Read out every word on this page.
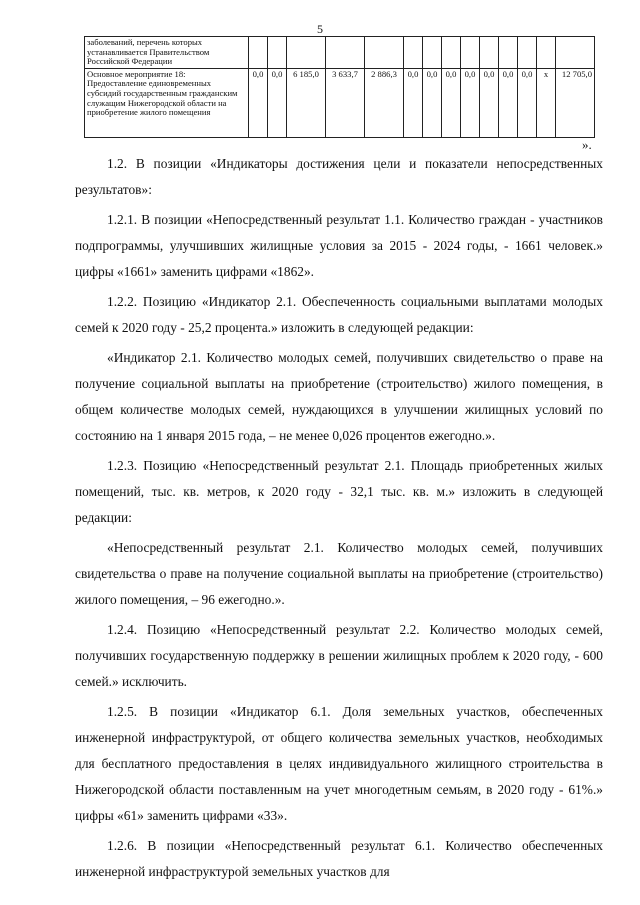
5
заболеваний, перечень которых устанавливается Правительством Российской Федерации														
Основное мероприятие 18: Предоставление единовременных субсидий государственным гражданским служащим Нижегородской области на приобретение жилого помещения	0,0	0,0	6 185,0	3 633,7	2 886,3	0,0	0,0	0,0	0,0	0,0	0,0	0,0	х	12 705,0
».

1.2. В позиции «Индикаторы достижения цели и показатели непосредственных результатов»:

1.2.1. В позиции «Непосредственный результат 1.1. Количество граждан - участников подпрограммы, улучшивших жилищные условия за 2015 - 2024 годы, - 1661 человек.» цифры «1661» заменить цифрами «1862».

1.2.2. Позицию «Индикатор 2.1. Обеспеченность социальными выплатами молодых семей к 2020 году - 25,2 процента.» изложить в следующей редакции:

«Индикатор 2.1. Количество молодых семей, получивших свидетельство о праве на получение социальной выплаты на приобретение (строительство) жилого помещения, в общем количестве молодых семей, нуждающихся в улучшении жилищных условий по состоянию на 1 января 2015 года, – не менее 0,026 процентов ежегодно.».

1.2.3. Позицию «Непосредственный результат 2.1. Площадь приобретенных жилых помещений, тыс. кв. метров, к 2020 году - 32,1 тыс. кв. м.» изложить в следующей редакции:

«Непосредственный результат 2.1. Количество молодых семей, получивших свидетельства о праве на получение социальной выплаты на приобретение (строительство) жилого помещения, – 96 ежегодно.».

1.2.4. Позицию «Непосредственный результат 2.2. Количество молодых семей, получивших государственную поддержку в решении жилищных проблем к 2020 году, - 600 семей.» исключить.

1.2.5. В позиции «Индикатор 6.1. Доля земельных участков, обеспеченных инженерной инфраструктурой, от общего количества земельных участков, необходимых для бесплатного предоставления в целях индивидуального жилищного строительства в Нижегородской области поставленным на учет многодетным семьям, в 2020 году - 61%.» цифры «61» заменить цифрами «33».

1.2.6. В позиции «Непосредственный результат 6.1. Количество обеспеченных инженерной инфраструктурой земельных участков для
